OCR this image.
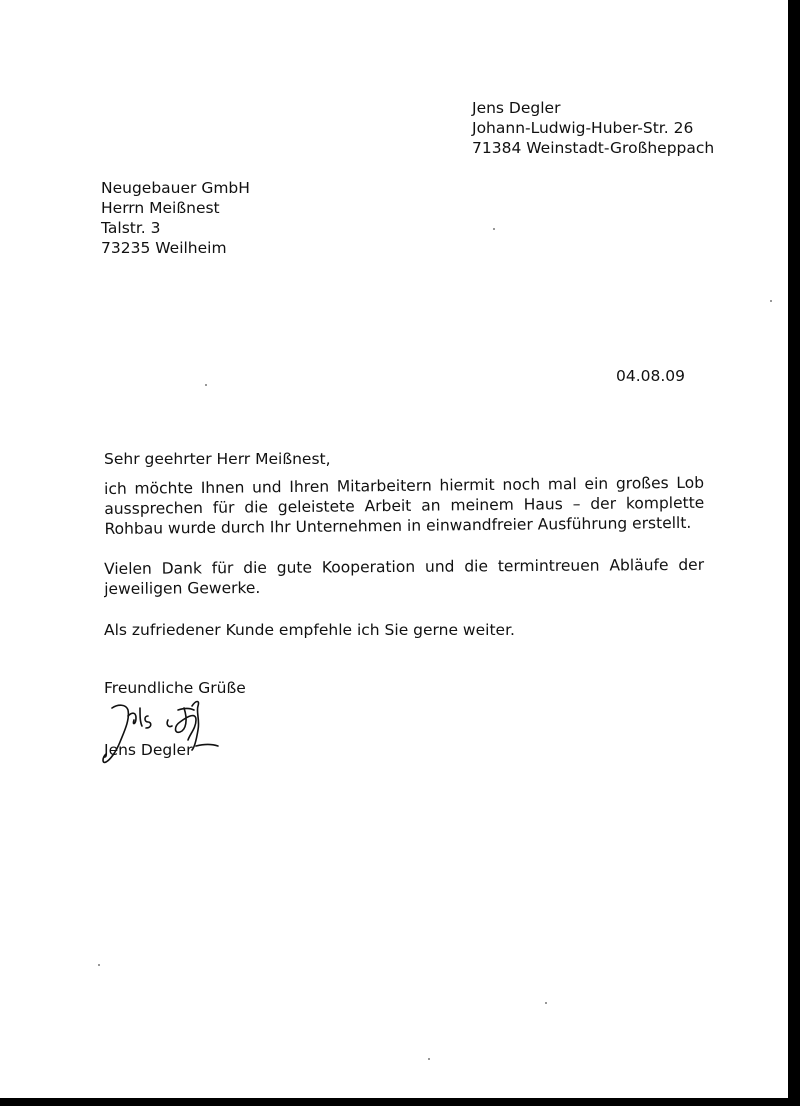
Jens Degler
Johann-Ludwig-Huber-Str. 26
71384 Weinstadt-Großheppach
Neugebauer GmbH
Herrn Meißnest
Talstr. 3
73235 Weilheim
04.08.09
Sehr geehrter Herr Meißnest,
ich möchte Ihnen und Ihren Mitarbeitern hiermit noch mal ein großes Lob aussprechen für die geleistete Arbeit an meinem Haus – der komplette Rohbau wurde durch Ihr Unternehmen in einwandfreier Ausführung erstellt.
Vielen Dank für die gute Kooperation und die termintreuen Abläufe der jeweiligen Gewerke.
Als zufriedener Kunde empfehle ich Sie gerne weiter.
Freundliche Grüße
Jens Degler
